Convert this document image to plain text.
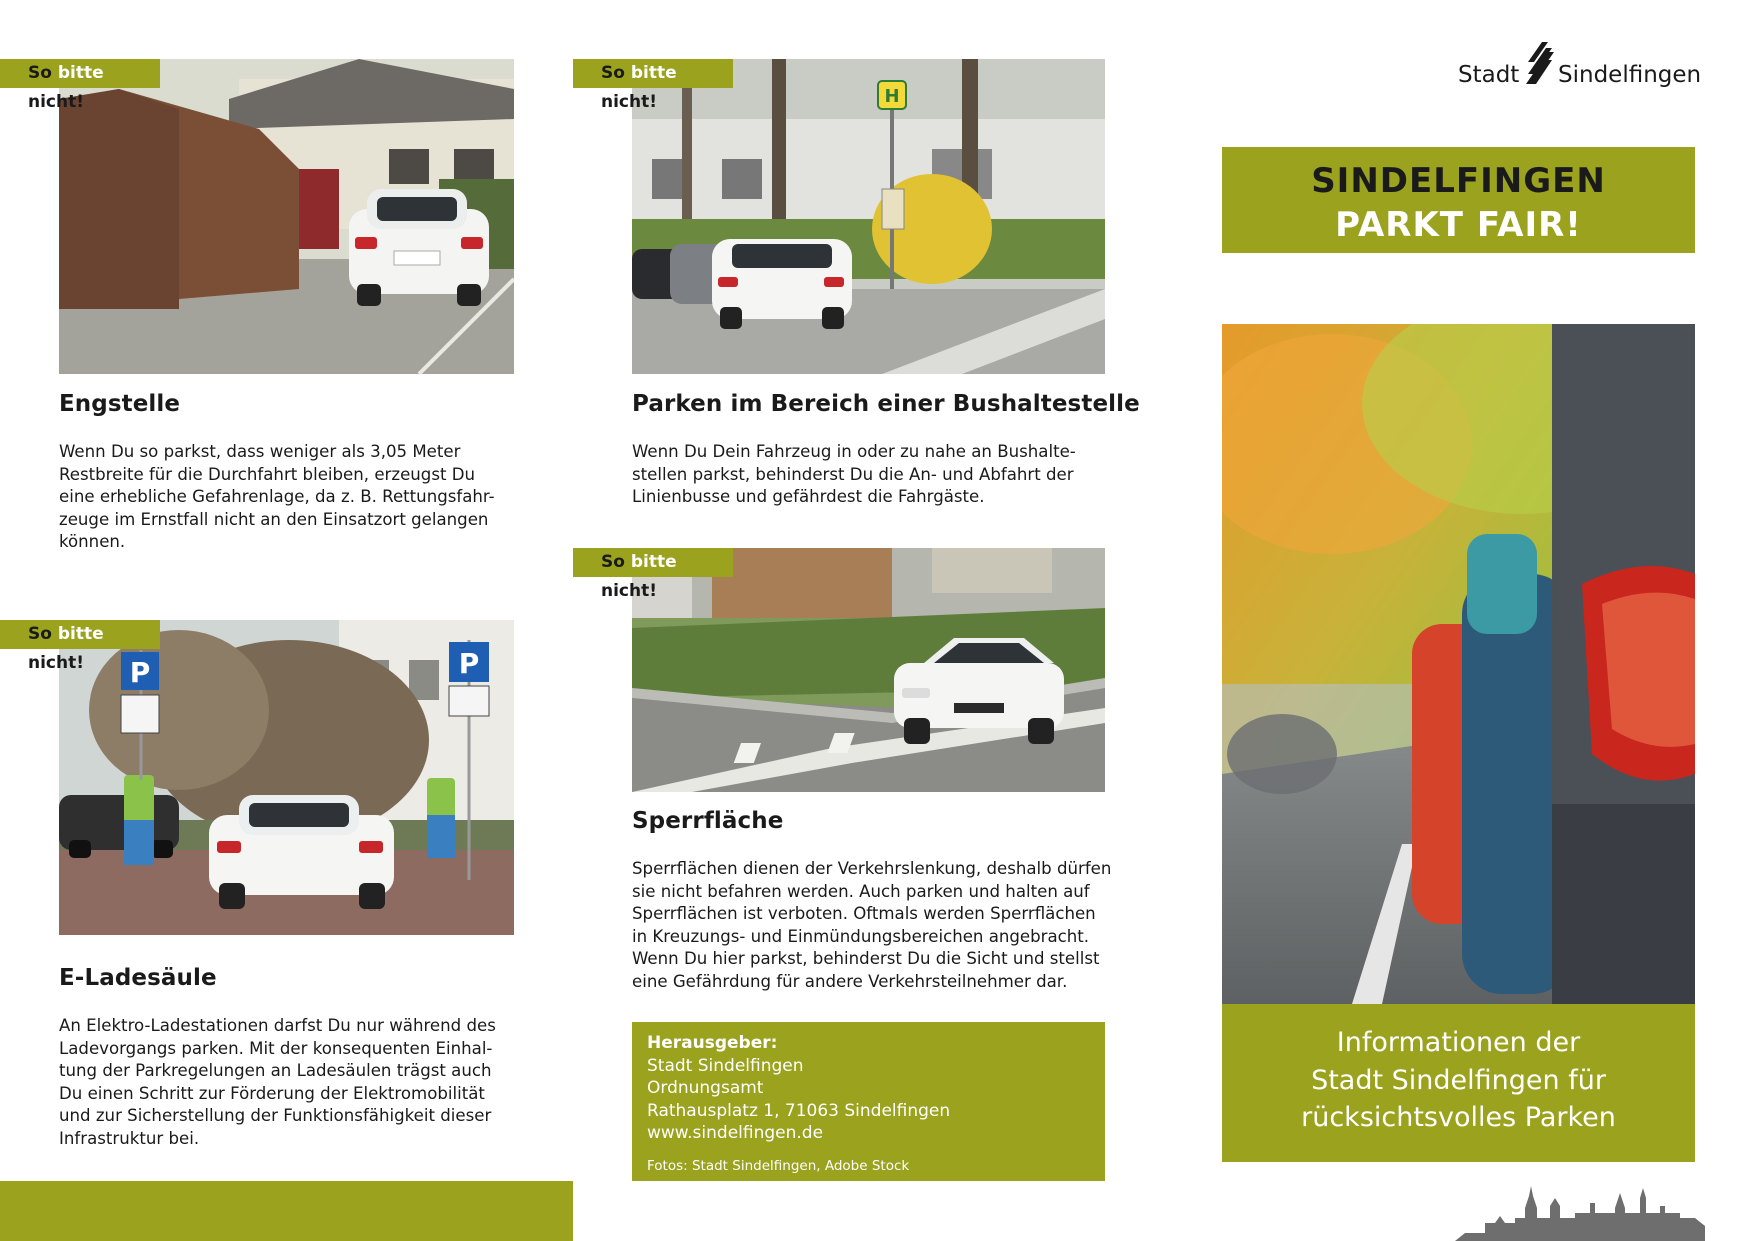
So bitte nicht!
Engstelle
Wenn Du so parkst, dass weniger als 3,05 Meter
Restbreite für die Durchfahrt bleiben, erzeugst Du
eine erhebliche Gefahrenlage, da z. B. Rettungsfahr-
zeuge im Ernstfall nicht an den Einsatzort gelangen
können.
P	P
So bitte nicht!
E-Ladesäule
An Elektro-Ladestationen darfst Du nur während des
Ladevorgangs parken. Mit der konsequenten Einhal-
tung der Parkregelungen an Ladesäulen trägst auch
Du einen Schritt zur Förderung der Elektromobilität
und zur Sicherstellung der Funktionsfähigkeit dieser
Infrastruktur bei.
H
So bitte nicht!
Parken im Bereich einer Bushaltestelle
Wenn Du Dein Fahrzeug in oder zu nahe an Bushalte-
stellen parkst, behinderst Du die An- und Abfahrt der
Linienbusse und gefährdest die Fahrgäste.
So bitte nicht!
Sperrfläche
Sperrflächen dienen der Verkehrslenkung, deshalb dürfen
sie nicht befahren werden. Auch parken und halten auf
Sperrflächen ist verboten. Oftmals werden Sperrflächen
in Kreuzungs- und Einmündungsbereichen angebracht.
Wenn Du hier parkst, behinderst Du die Sicht und stellst
eine Gefährdung für andere Verkehrsteilnehmer dar.
Herausgeber:
Stadt Sindelfingen
Ordnungsamt
Rathausplatz 1, 71063 Sindelfingen
www.sindelfingen.de
Fotos: Stadt Sindelfingen, Adobe Stock
Stadt Sindelfingen
SINDELFINGEN
PARKT FAIR!
Informationen der
Stadt Sindelfingen für
rücksichtsvolles Parken
